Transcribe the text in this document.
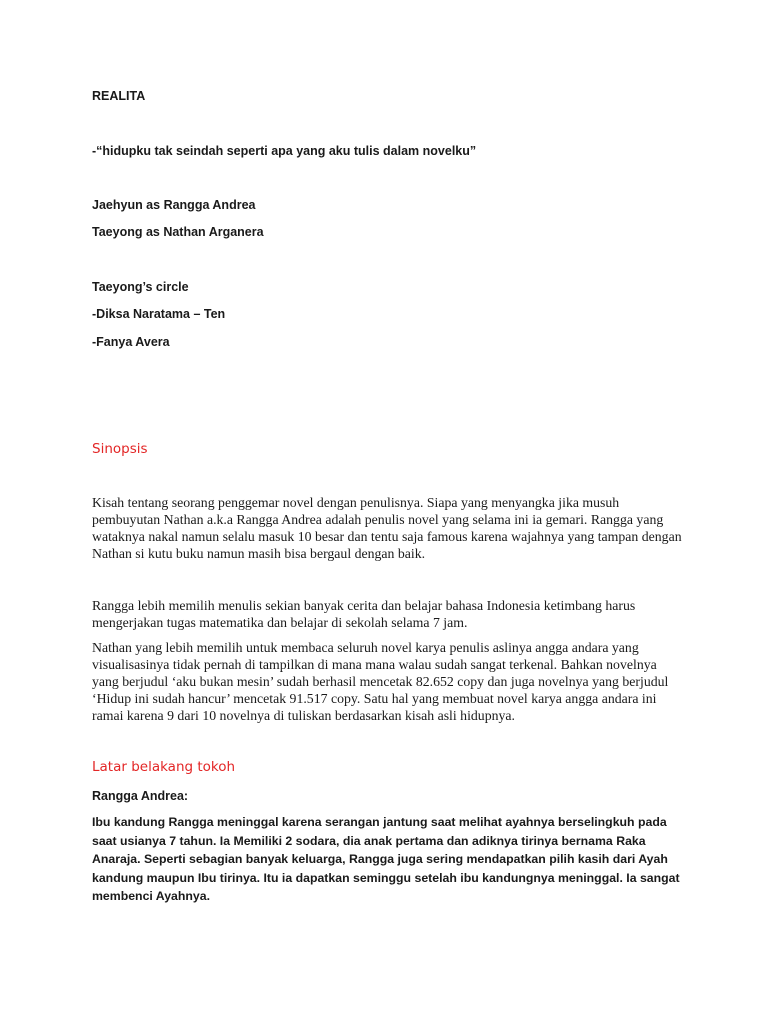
REALITA

-“hidupku tak seindah seperti apa yang aku tulis dalam novelku”

Jaehyun as Rangga Andrea

Taeyong as Nathan Arganera

Taeyong’s circle

-Diksa Naratama – Ten

-Fanya Avera

Sinopsis

Kisah tentang seorang penggemar novel dengan penulisnya. Siapa yang menyangka jika musuh pembuyutan Nathan a.k.a Rangga Andrea adalah penulis novel yang selama ini ia gemari. Rangga yang wataknya nakal namun selalu masuk 10 besar dan tentu saja famous karena wajahnya yang tampan dengan Nathan si kutu buku namun masih bisa bergaul dengan baik.

Rangga lebih memilih menulis sekian banyak cerita dan belajar bahasa Indonesia ketimbang harus mengerjakan tugas matematika dan belajar di sekolah selama 7 jam.

Nathan yang lebih memilih untuk membaca seluruh novel karya penulis aslinya angga andara yang visualisasinya tidak pernah di tampilkan di mana mana walau sudah sangat terkenal. Bahkan novelnya yang berjudul ‘aku bukan mesin’ sudah berhasil mencetak 82.652 copy dan juga novelnya yang berjudul ‘Hidup ini sudah hancur’ mencetak 91.517 copy. Satu hal yang membuat novel karya angga andara ini ramai karena 9 dari 10 novelnya di tuliskan berdasarkan kisah asli hidupnya.

Latar belakang tokoh

Rangga Andrea:

Ibu kandung Rangga meninggal karena serangan jantung saat melihat ayahnya berselingkuh pada saat usianya 7 tahun. Ia Memiliki 2 sodara, dia anak pertama dan adiknya tirinya bernama Raka Anaraja. Seperti sebagian banyak keluarga, Rangga juga sering mendapatkan pilih kasih dari Ayah kandung maupun Ibu tirinya. Itu ia dapatkan seminggu setelah ibu kandungnya meninggal. Ia sangat membenci Ayahnya.
